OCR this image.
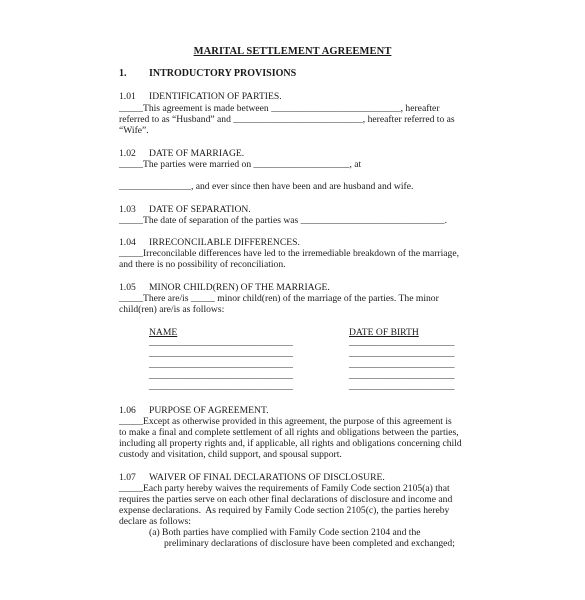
MARITAL SETTLEMENT AGREEMENT
1. INTRODUCTORY PROVISIONS
1.01 IDENTIFICATION OF PARTIES.
_____This agreement is made between ___________________________, hereafter
referred to as “Husband” and ___________________________, hereafter referred to as
“Wife”.
1.02 DATE OF MARRIAGE.
_____The parties were married on ____________________, at
_______________, and ever since then have been and are husband and wife.
1.03 DATE OF SEPARATION.
_____The date of separation of the parties was ______________________________.
1.04 IRRECONCILABLE DIFFERENCES.
_____Irreconcilable differences have led to the irremediable breakdown of the marriage,
and there is no possibility of reconciliation.
1.05 MINOR CHILD(REN) OF THE MARRIAGE.
_____There are/is _____ minor child(ren) of the marriage of the parties. The minor
child(ren) are/is as follows:
NAME	DATE OF BIRTH
______________________________	______________________
______________________________	______________________
______________________________	______________________
______________________________	______________________
______________________________	______________________
1.06 PURPOSE OF AGREEMENT.
_____Except as otherwise provided in this agreement, the purpose of this agreement is
to make a final and complete settlement of all rights and obligations between the parties,
including all property rights and, if applicable, all rights and obligations concerning child
custody and visitation, child support, and spousal support.
1.07 WAIVER OF FINAL DECLARATIONS OF DISCLOSURE.
_____Each party hereby waives the requirements of Family Code section 2105(a) that
requires the parties serve on each other final declarations of disclosure and income and
expense declarations.  As required by Family Code section 2105(c), the parties hereby
declare as follows:
(a) Both parties have complied with Family Code section 2104 and the
preliminary declarations of disclosure have been completed and exchanged;
